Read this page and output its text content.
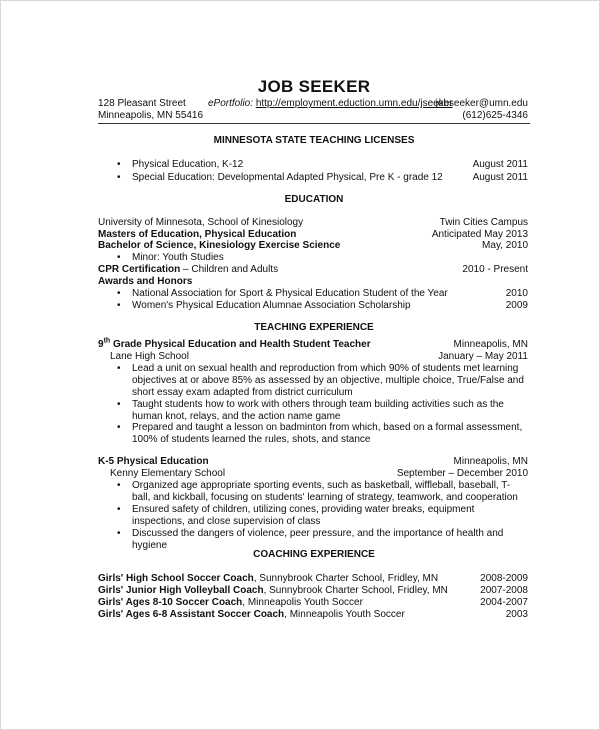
JOB SEEKER
128 Pleasant Street
Minneapolis, MN 55416
ePortfolio: http://employment.eduction.umn.edu/jseeker
jobseeker@umn.edu
(612)625-4346
MINNESOTA STATE TEACHING LICENSES
• Physical Education, K-12	August 2011
• Special Education: Developmental Adapted Physical, Pre K - grade 12	August 2011
EDUCATION
University of Minnesota, School of Kinesiology	Twin Cities Campus
Masters of Education, Physical Education	Anticipated May 2013
Bachelor of Science, Kinesiology Exercise Science	May, 2010
• Minor: Youth Studies
CPR Certification – Children and Adults	2010 - Present
Awards and Honors
• National Association for Sport & Physical Education Student of the Year	2010
• Women's Physical Education Alumnae Association Scholarship	2009
TEACHING EXPERIENCE
9th Grade Physical Education and Health Student Teacher	Minneapolis, MN
Lane High School	January – May 2011
• Lead a unit on sexual health and reproduction from which 90% of students met learning objectives at or above 85% as assessed by an objective, multiple choice, True/False and short essay exam adapted from district curriculum
• Taught students how to work with others through team building activities such as the human knot, relays, and the action name game
• Prepared and taught a lesson on badminton from which, based on a formal assessment, 100% of students learned the rules, shots, and stance
K-5 Physical Education	Minneapolis, MN
Kenny Elementary School	September – December 2010
• Organized age appropriate sporting events, such as basketball, wiffleball, baseball, T-ball, and kickball, focusing on students' learning of strategy, teamwork, and cooperation
• Ensured safety of children, utilizing cones, providing water breaks, equipment inspections, and close supervision of class
• Discussed the dangers of violence, peer pressure, and the importance of health and hygiene
COACHING EXPERIENCE
Girls' High School Soccer Coach, Sunnybrook Charter School, Fridley, MN	2008-2009
Girls' Junior High Volleyball Coach, Sunnybrook Charter School, Fridley, MN	2007-2008
Girls' Ages 8-10 Soccer Coach, Minneapolis Youth Soccer	2004-2007
Girls' Ages 6-8 Assistant Soccer Coach, Minneapolis Youth Soccer	2003
